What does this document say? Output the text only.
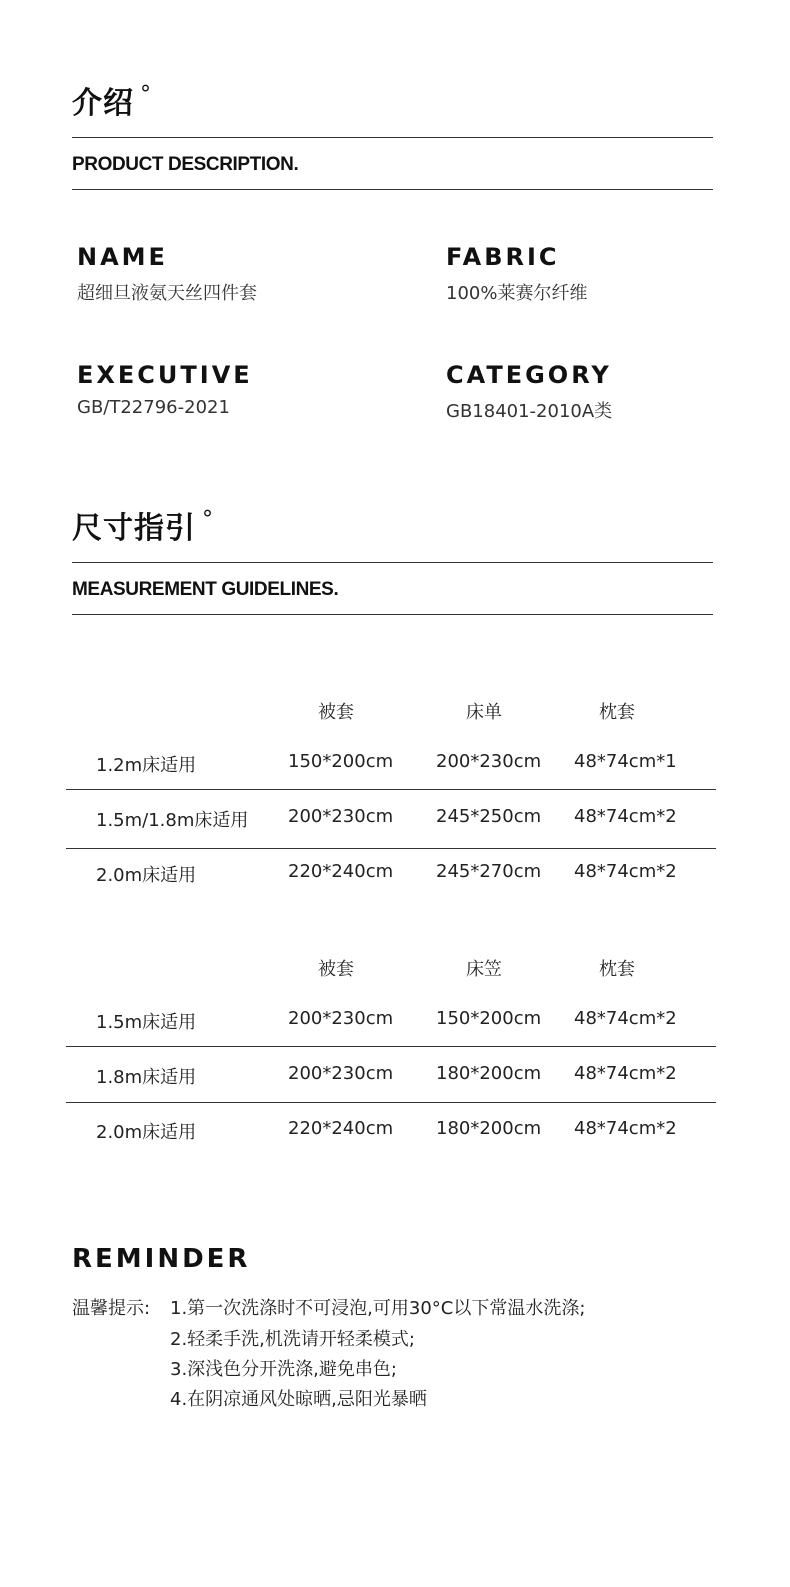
介绍 °
PRODUCT DESCRIPTION.
NAME
超细旦液氨天丝四件套
FABRIC
100%莱赛尔纤维
EXECUTIVE
GB/T22796-2021
CATEGORY
GB18401-2010A类
尺寸指引 °
MEASUREMENT GUIDELINES.
被套	床单	枕套
1.2m床适用	150*200cm 200*230cm 48*74cm*1
1.5m/1.8m床适用 200*230cm 245*250cm 48*74cm*2
2.0m床适用	220*240cm 245*270cm 48*74cm*2
被套	床笠	枕套
1.5m床适用	200*230cm 150*200cm 48*74cm*2
1.8m床适用	200*230cm 180*200cm 48*74cm*2
2.0m床适用	220*240cm 180*200cm 48*74cm*2
REMINDER
温馨提示: 1.第一次洗涤时不可浸泡,可用30°C以下常温水洗涤;
2.轻柔手洗,机洗请开轻柔模式;
3.深浅色分开洗涤,避免串色;
4.在阴凉通风处晾晒,忌阳光暴晒
